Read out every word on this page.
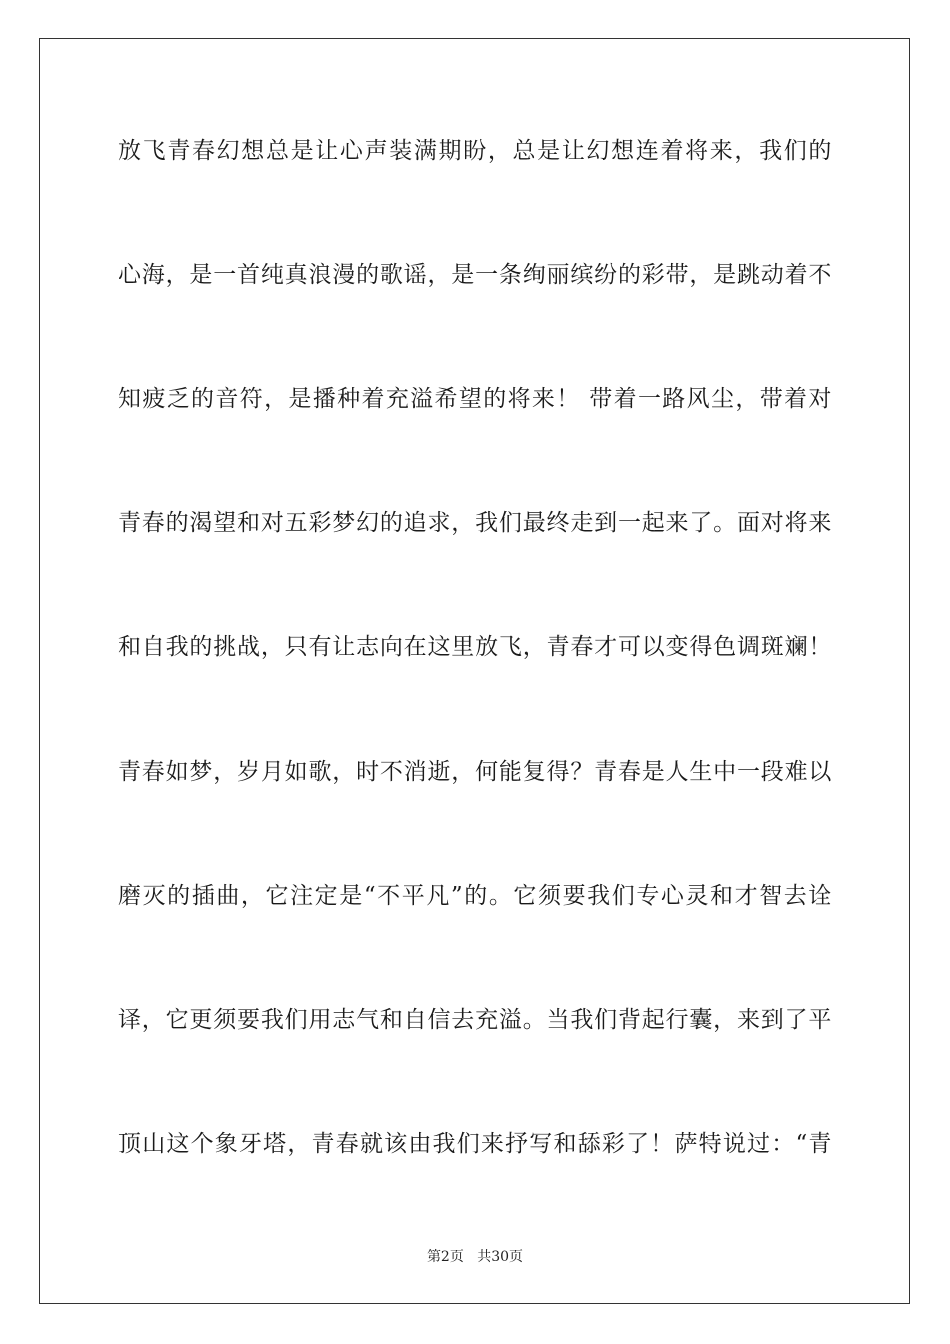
放飞青春幻想总是让心声装满期盼，总是让幻想连着将来，我们的
心海，是一首纯真浪漫的歌谣，是一条绚丽缤纷的彩带，是跳动着不
知疲乏的音符，是播种着充溢希望的将来！ 带着一路风尘，带着对
青春的渴望和对五彩梦幻的追求，我们最终走到一起来了。面对将来
和自我的挑战，只有让志向在这里放飞，青春才可以变得色调斑斓！
青春如梦，岁月如歌，时不消逝，何能复得？青春是人生中一段难以
磨灭的插曲，它注定是“不平凡”的。它须要我们专心灵和才智去诠
译，它更须要我们用志气和自信去充溢。当我们背起行囊，来到了平
顶山这个象牙塔，青春就该由我们来抒写和舔彩了！萨特说过：“青
第2页 共30页
